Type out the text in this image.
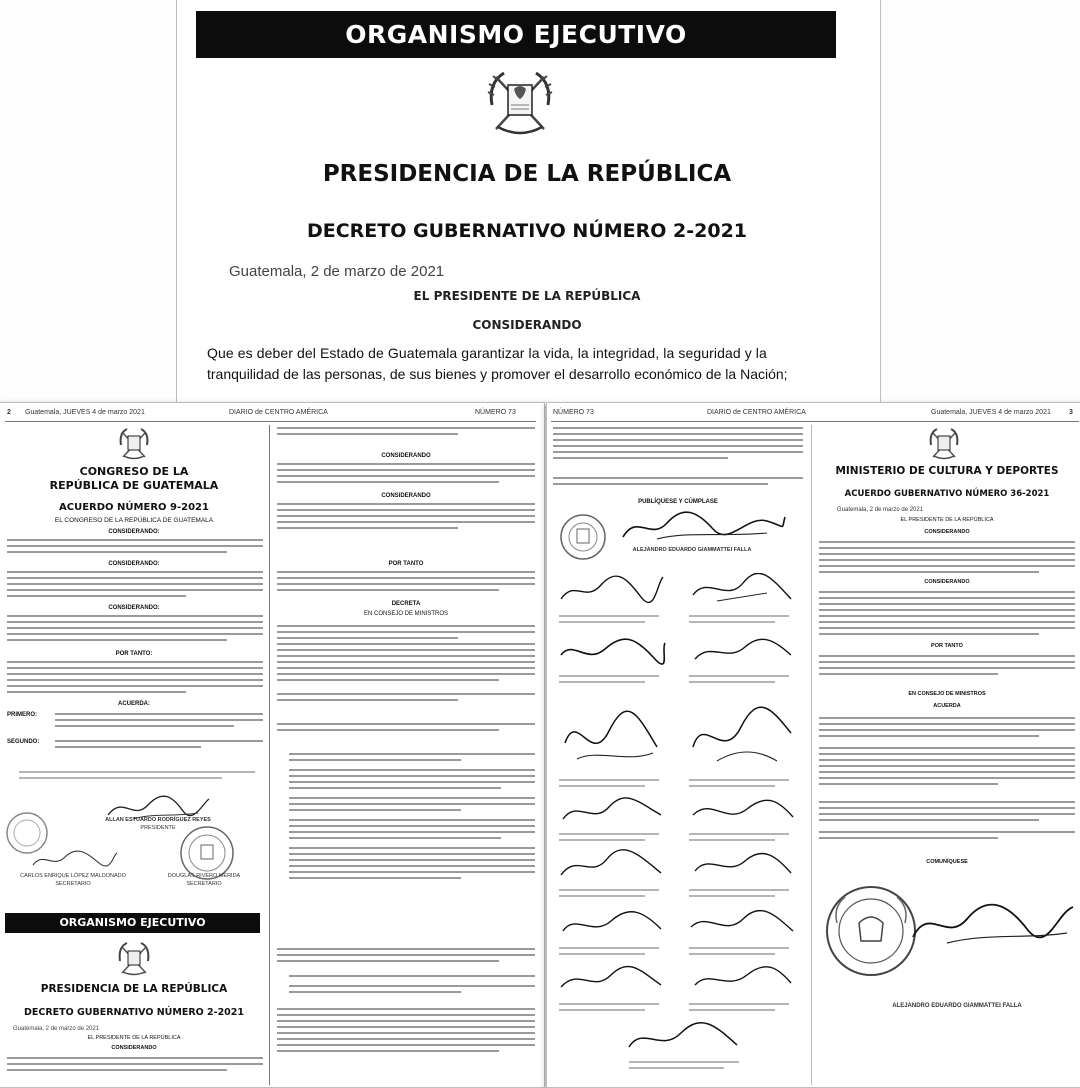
ORGANISMO EJECUTIVO
PRESIDENCIA DE LA REPÚBLICA
DECRETO GUBERNATIVO NÚMERO 2-2021
Guatemala, 2 de marzo de 2021
EL PRESIDENTE DE LA REPÚBLICA
CONSIDERANDO
Que es deber del Estado de Guatemala garantizar la vida, la integridad, la seguridad y la
tranquilidad de las personas, de sus bienes y promover el desarrollo económico de la Nación;
2 Guatemala, JUEVES 4 de marzo 2021	DIARIO de CENTRO AMÉRICA	NÚMERO 73
CONGRESO DE LA
REPÚBLICA DE GUATEMALA
ACUERDO NÚMERO 9-2021
EL CONGRESO DE LA REPÚBLICA DE GUATEMALA
CONSIDERANDO:
CONSIDERANDO:
CONSIDERANDO:
POR TANTO:
ACUERDA:
PRIMERO:
SEGUNDO:
ALLAN ESTUARDO RODRÍGUEZ REYES
PRESIDENTE
CARLOS ENRIQUE LÓPEZ MALDONADO
SECRETARIO
DOUGLAS RIVERO MÉRIDA
SECRETARIO
ORGANISMO EJECUTIVO
PRESIDENCIA DE LA REPÚBLICA
DECRETO GUBERNATIVO NÚMERO 2-2021
Guatemala, 2 de marzo de 2021
EL PRESIDENTE DE LA REPÚBLICA
CONSIDERANDO
CONSIDERANDO
CONSIDERANDO
POR TANTO
DECRETA
EN CONSEJO DE MINISTROS
NÚMERO 73	DIARIO de CENTRO AMÉRICA	Guatemala, JUEVES 4 de marzo 2021	3
PUBLÍQUESE Y CÚMPLASE
ALEJANDRO EDUARDO GIAMMATTEI FALLA
MINISTERIO DE CULTURA Y DEPORTES
ACUERDO GUBERNATIVO NÚMERO 36-2021
Guatemala, 2 de marzo de 2021
EL PRESIDENTE DE LA REPÚBLICA
CONSIDERANDO
CONSIDERANDO
POR TANTO
EN CONSEJO DE MINISTROS
ACUERDA
COMUNÍQUESE
ALEJANDRO EDUARDO GIAMMATTEI FALLA
